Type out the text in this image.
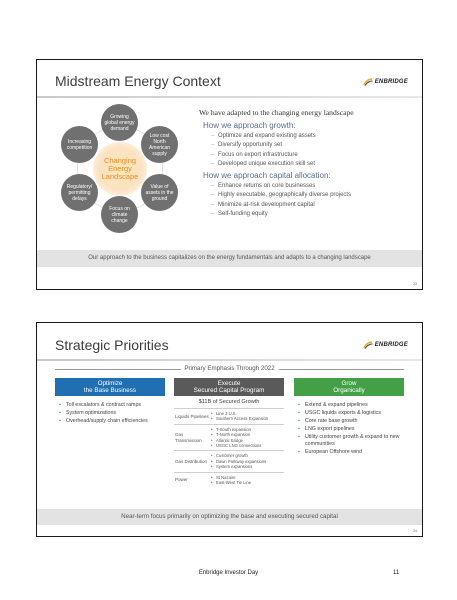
Midstream Energy Context	ENBRIDGE
Changing Energy Landscape
Growing global energy demand
Low cost North American supply
Value of assets in the ground
Focus on climate change
Regulatory/ permitting delays
Increasing competition
We have adapted to the changing energy landscape
How we approach growth:
– Optimize and expand existing assets
– Diversify opportunity set
– Focus on export infrastructure
– Developed unique execution skill set
How we approach capital allocation:
– Enhance returns on core businesses
– Highly executable, geographically diverse projects
– Minimize at-risk development capital
– Self-funding equity
Our approach to the business capitalizes on the energy fundamentals and adapts to a changing landscape
23
Strategic Priorities	ENBRIDGE
Primary Emphasis Through 2022
Optimize
the Base Business
▪ Toll escalators & contract ramps
▪ System optimizations
▪ Overhead/supply chain efficiencies
Execute
Secured Capital Program
$11B of Secured Growth
Liquids Pipelines	• Line 3 U.S.
• Southern Access Expansion

Gas Transmission	• T-South expansion
• T-North expansion
• Atlantic Bridge
• USGC LNG connections

Gas Distribution	• Customer growth
• Dawn Parkway expansions
• System expansions

Power	• St Nazaire
• East-West Tie Line
Grow
Organically
▪ Extend & expand pipelines
▪ USGC liquids exports & logistics
▪ Core rate base growth
▪ LNG export pipelines
▪ Utility customer growth & expand to new communities
▪ European Offshore wind
Near-term focus primarily on optimizing the base and executing secured capital
24
Enbridge Investor Day	11
